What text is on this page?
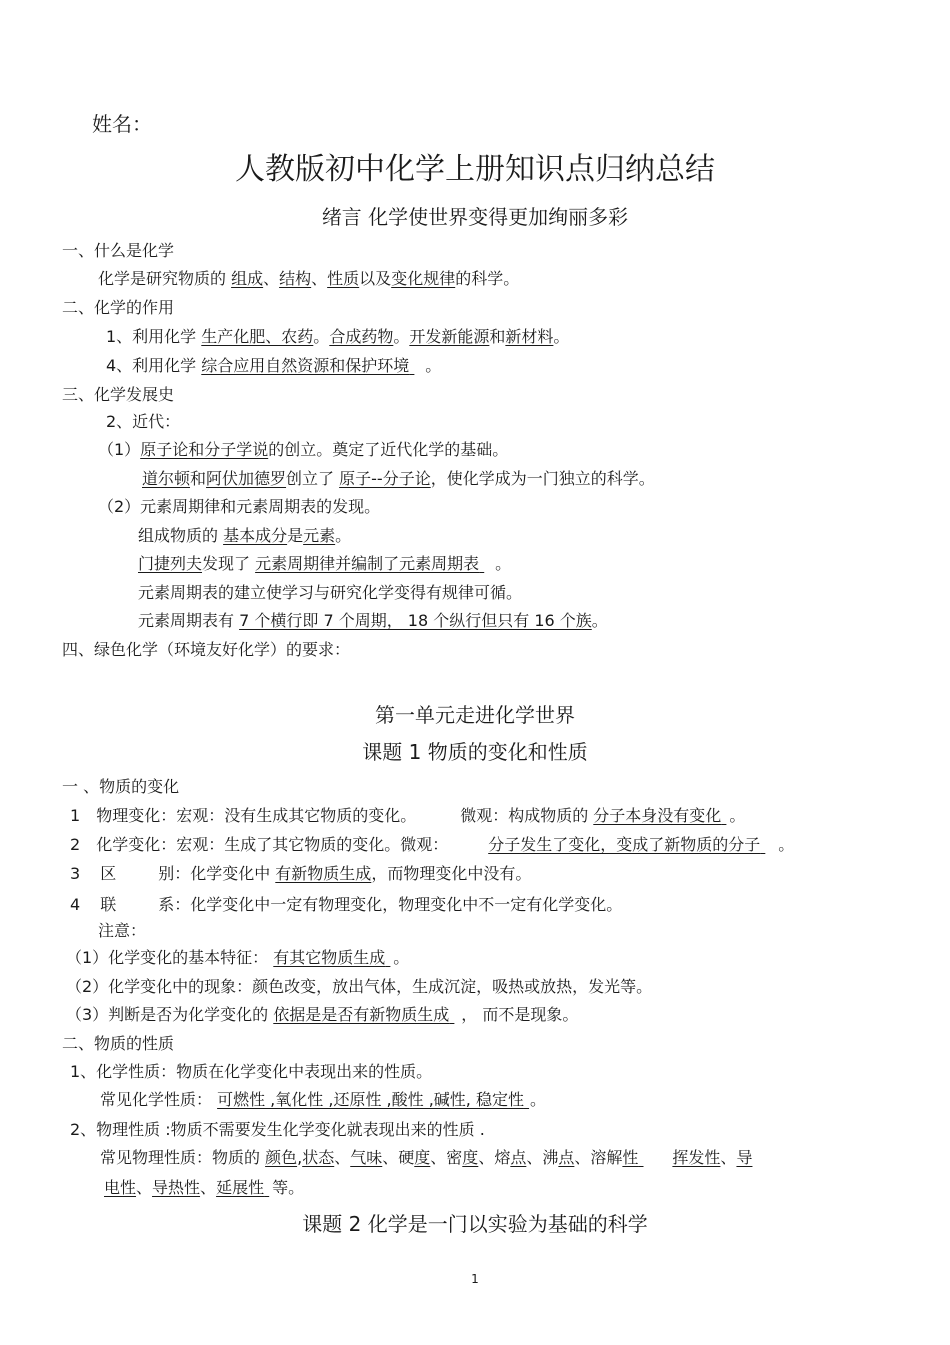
姓名：
人教版初中化学上册知识点归纳总结
绪言 化学使世界变得更加绚丽多彩
一、什么是化学
化学是研究物质的 组成、结构、性质以及变化规律的科学。
二、化学的作用
1、利用化学 生产化肥、农药。合成药物。开发新能源和新材料。
4、利用化学 综合应用自然资源和保护环境 。
三、化学发展史
2、近代：
（1）原子论和分子学说的创立。奠定了近代化学的基础。
道尔顿和阿伏加德罗创立了 原子--分子论，使化学成为一门独立的科学。
（2）元素周期律和元素周期表的发现。
组成物质的 基本成分是元素。
门捷列夫发现了 元素周期律并编制了元素周期表 。
元素周期表的建立使学习与研究化学变得有规律可循。
元素周期表有 7 个横行即 7 个周期， 18 个纵行但只有 16 个族。
四、绿色化学（环境友好化学）的要求：
第一单元走进化学世界
课题 1 物质的变化和性质
一 、物质的变化
1 物理变化：宏观：没有生成其它物质的变化。	微观：构成物质的 分子本身没有变化 。
2 化学变化：宏观：生成了其它物质的变化。微观：	分子发生了变化，变成了新物质的分子 。
3 区	别：化学变化中 有新物质生成，而物理变化中没有。
4 联	系：化学变化中一定有物理变化，物理变化中不一定有化学变化。
注意：
（1）化学变化的基本特征： 有其它物质生成 。
（2）化学变化中的现象：颜色改变，放出气体，生成沉淀，吸热或放热，发光等。
（3）判断是否为化学变化的 依据是是否有新物质生成 ， 而不是现象。
二、物质的性质
1、化学性质：物质在化学变化中表现出来的性质。
常见化学性质： 可燃性 ,氧化性 ,还原性 ,酸性 ,碱性, 稳定性 。
2、物理性质 :物质不需要发生化学变化就表现出来的性质 .
常见物理性质：物质的 颜色,状态、气味、硬度、密度、熔点、沸点、溶解性 挥发性、导
电性、导热性、延展性 等。
课题 2 化学是一门以实验为基础的科学
1
